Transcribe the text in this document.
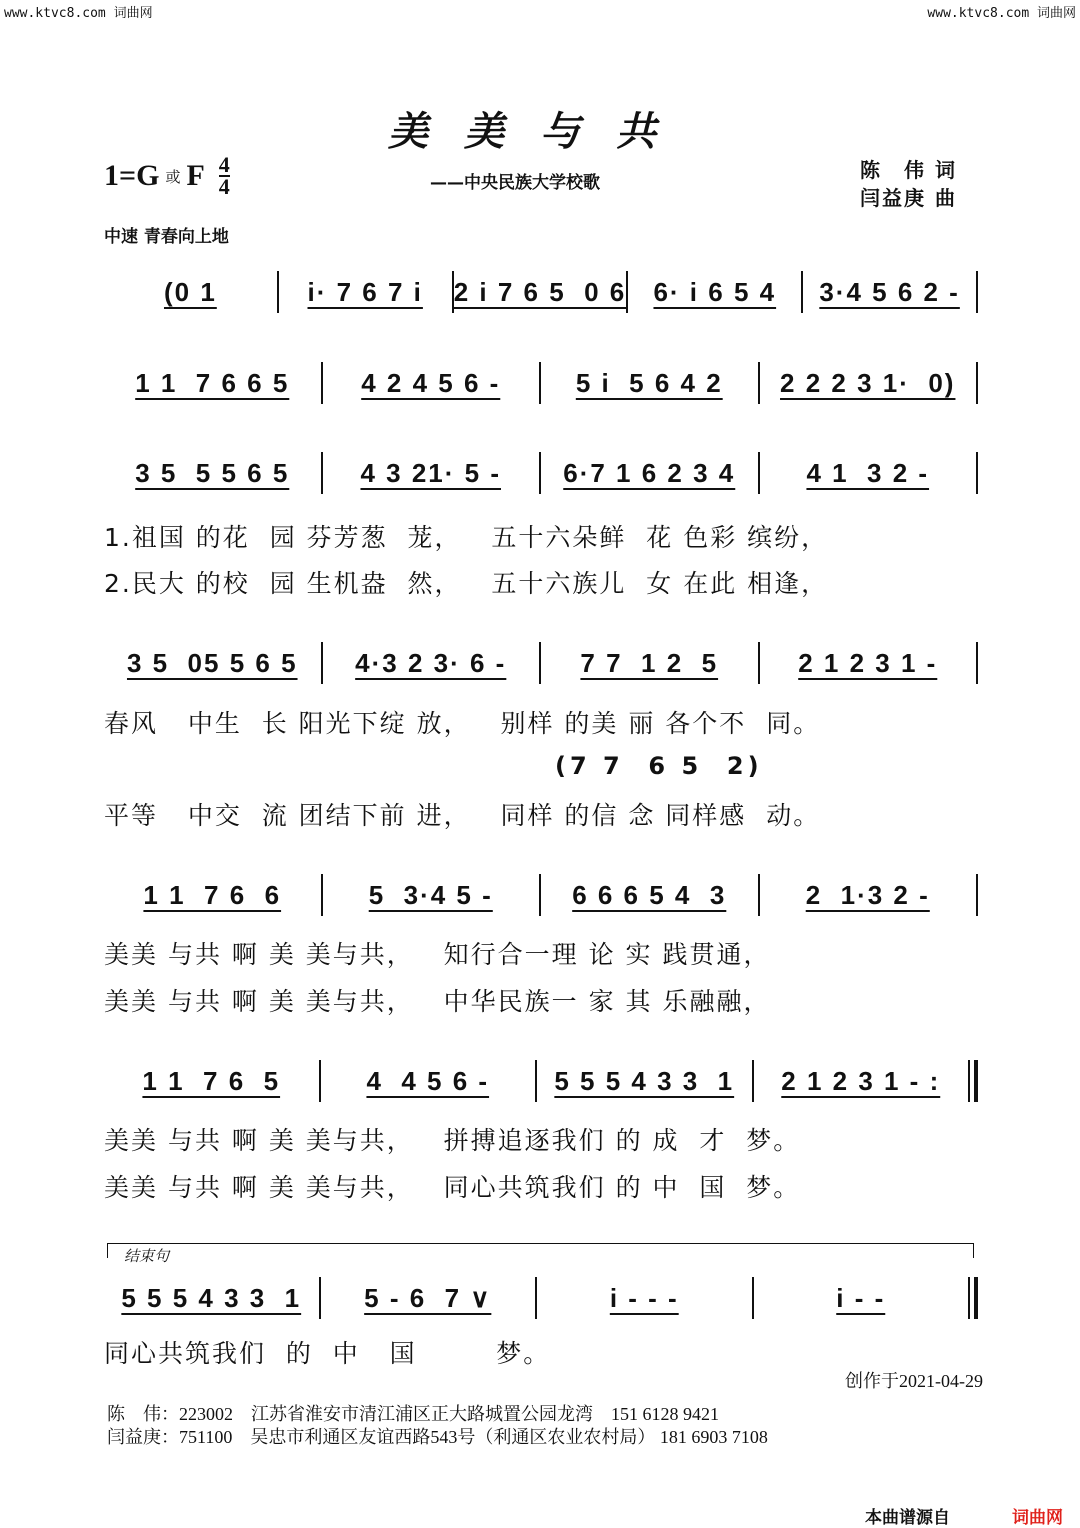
www.ktvc8.com 词曲网	www.ktvc8.com 词曲网
美美与共
1=G 或 F $\frac{4}{4}$	——中央民族大学校歌
陈　伟 词
闫益庚 曲
中速 青春向上地
(0 1	i· 7 6 7 i	2 i 7 6 5  0 6	6· i 6 5 4	3·4 5 6 2 -
1 1  7 6 6 5	4 2 4 5 6 -	5 i  5 6 4 2	2 2 2 3 1·  0)
3 5  5 5 6 5	4 3 21· 5 -	6·7 1 6 2 3 4	4 1  3 2 -
1.祖国 的花  园 芬芳葱  茏，   五十六朵鲜  花 色彩 缤纷，
2.民大 的校  园 生机盎  然，   五十六族儿  女 在此 相逢，
3 5  05 5 6 5	4·3 2 3· 6 -	7 7  1 2  5	2 1 2 3 1 -
春风   中生  长 阳光下绽 放，   别样 的美 丽 各个不  同。
平等   中交  流 团结下前 进，   同样 的信 念 同样感  动。
(7 7  6 5  2)
1 1  7 6  6	5  3·4 5 -	6 6 6 5 4  3	2  1·3 2 -
美美 与共 啊 美 美与共，   知行合一理 论 实 践贯通，
美美 与共 啊 美 美与共，   中华民族一 家 其 乐融融，
1 1  7 6  5	4  4 5 6 -	5 5 5 4 3 3  1	2 1 2 3 1 - :
美美 与共 啊 美 美与共，   拼搏追逐我们 的 成  才  梦。
美美 与共 啊 美 美与共，   同心共筑我们 的 中  国  梦。
结束句
5 5 5 4 3 3  1	5 - 6  7 ∨	i - - -	i - -
同心共筑我们  的  中   国        梦。
创作于2021-04-29
陈　伟：223002　江苏省淮安市清江浦区正大路城置公园龙湾　151 6128 9421
闫益庚：751100　吴忠市利通区友谊西路543号（利通区农业农村局） 181 6903 7108
本曲谱源自	词曲网
